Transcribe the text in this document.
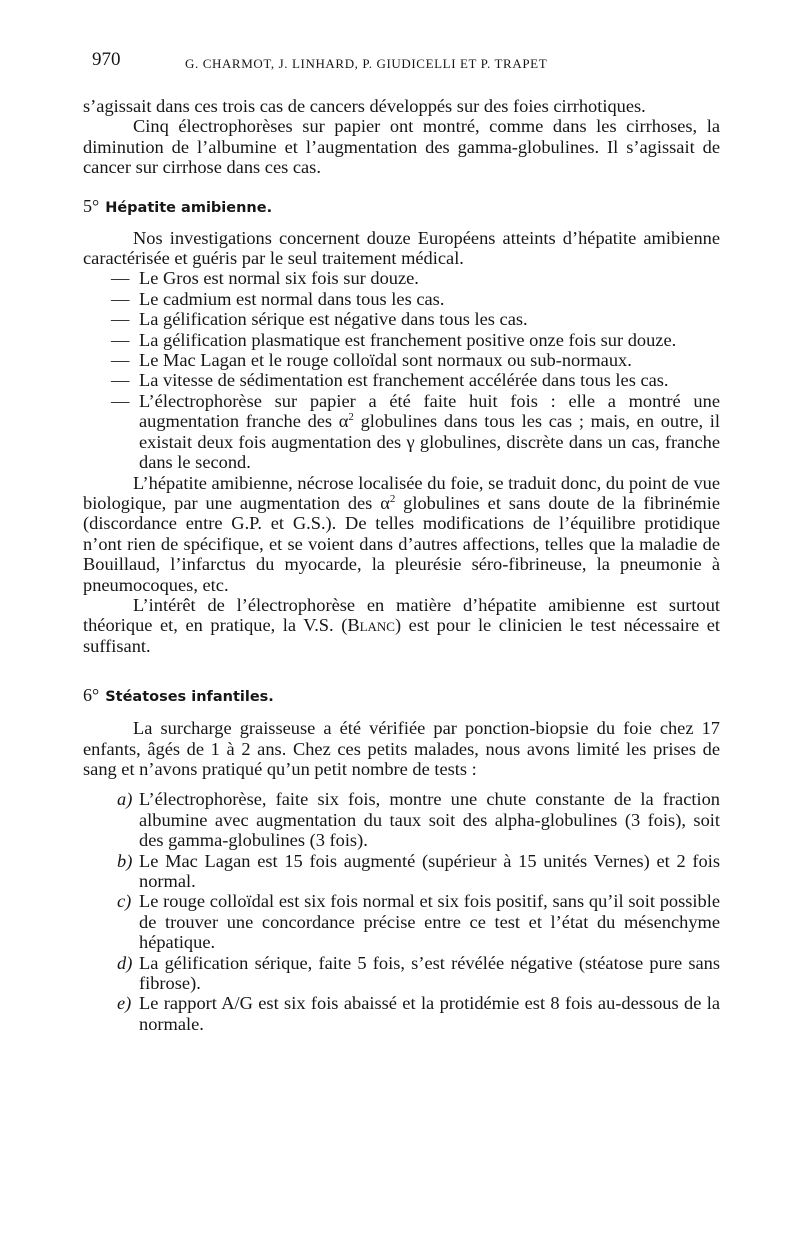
970	G. CHARMOT, J. LINHARD, P. GIUDICELLI ET P. TRAPET

s’agissait dans ces trois cas de cancers développés sur des foies cirrhotiques.

Cinq électrophorèses sur papier ont montré, comme dans les cirrhoses, la diminution de l’albumine et l’augmentation des gamma-globulines. Il s’agissait de cancer sur cirrhose dans ces cas.

5° Hépatite amibienne.

Nos investigations concernent douze Européens atteints d’hépatite amibienne caractérisée et guéris par le seul traitement médical.

— Le Gros est normal six fois sur douze.

— Le cadmium est normal dans tous les cas.

— La gélification sérique est négative dans tous les cas.

— La gélification plasmatique est franchement positive onze fois sur douze.

— Le Mac Lagan et le rouge colloïdal sont normaux ou sub-normaux.

— La vitesse de sédimentation est franchement accélérée dans tous les cas.

— L’électrophorèse sur papier a été faite huit fois : elle a montré une augmentation franche des $\alpha^2$ globulines dans tous les cas ; mais, en outre, il existait deux fois augmentation des γ globulines, discrète dans un cas, franche dans le second.

L’hépatite amibienne, nécrose localisée du foie, se traduit donc, du point de vue biologique, par une augmentation des $\alpha^2$ globulines et sans doute de la fibrinémie (discordance entre G.P. et G.S.). De telles modifications de l’équilibre protidique n’ont rien de spécifique, et se voient dans d’autres affections, telles que la maladie de Bouillaud, l’infarctus du myocarde, la pleurésie séro-fibrineuse, la pneumonie à pneumocoques, etc.

L’intérêt de l’électrophorèse en matière d’hépatite amibienne est surtout théorique et, en pratique, la V.S. (Blanc) est pour le clinicien le test nécessaire et suffisant.

6° Stéatoses infantiles.

La surcharge graisseuse a été vérifiée par ponction-biopsie du foie chez 17 enfants, âgés de 1 à 2 ans. Chez ces petits malades, nous avons limité les prises de sang et n’avons pratiqué qu’un petit nombre de tests :

a) L’électrophorèse, faite six fois, montre une chute constante de la fraction albumine avec augmentation du taux soit des alpha-globulines (3 fois), soit des gamma-globulines (3 fois).

b) Le Mac Lagan est 15 fois augmenté (supérieur à 15 unités Vernes) et 2 fois normal.

c) Le rouge colloïdal est six fois normal et six fois positif, sans qu’il soit possible de trouver une concordance précise entre ce test et l’état du mésenchyme hépatique.

d) La gélification sérique, faite 5 fois, s’est révélée négative (stéatose pure sans fibrose).

e) Le rapport A/G est six fois abaissé et la protidémie est 8 fois au-dessous de la normale.
